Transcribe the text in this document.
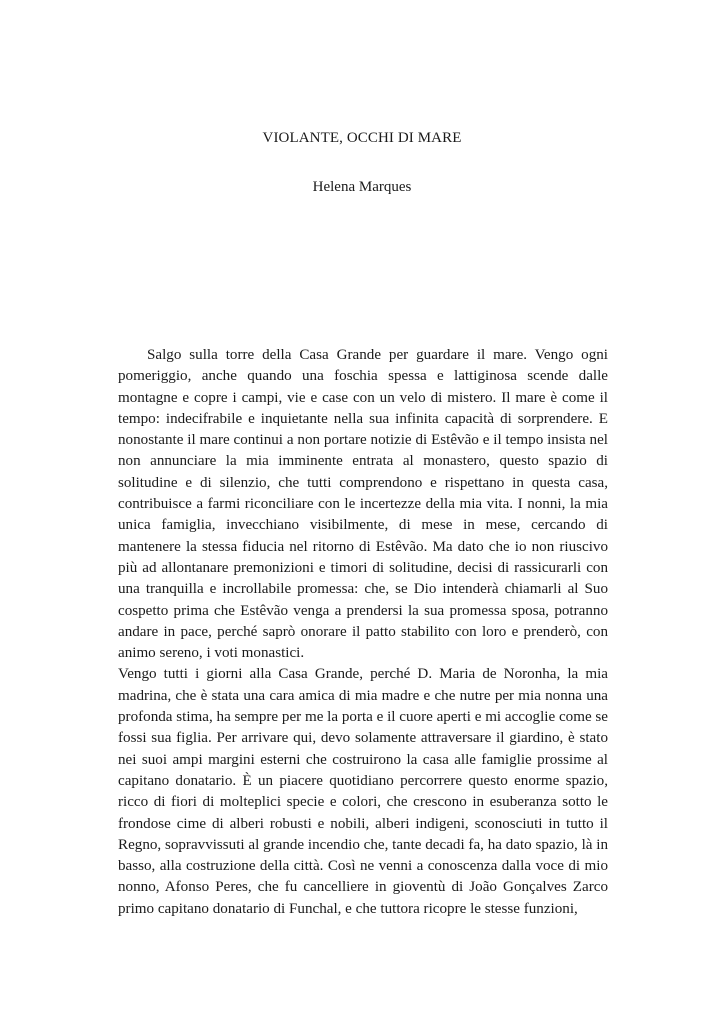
VIOLANTE, OCCHI DI MARE
Helena Marques

Salgo sulla torre della Casa Grande per guardare il mare. Vengo ogni pomeriggio, anche quando una foschia spessa e lattiginosa scende dalle montagne e copre i campi, vie e case con un velo di mistero. Il mare è come il tempo: indecifrabile e inquietante nella sua infinita capacità di sorprendere. E nonostante il mare continui a non portare notizie di Estêvão e il tempo insista nel non annunciare la mia imminente entrata al monastero, questo spazio di solitudine e di silenzio, che tutti comprendono e rispettano in questa casa, contribuisce a farmi riconciliare con le incertezze della mia vita. I nonni, la mia unica famiglia, invecchiano visibilmente, di mese in mese, cercando di mantenere la stessa fiducia nel ritorno di Estêvão. Ma dato che io non riuscivo più ad allontanare premonizioni e timori di solitudine, decisi di rassicurarli con una tranquilla e incrollabile promessa: che, se Dio intenderà chiamarli al Suo cospetto prima che Estêvão venga a prendersi la sua promessa sposa, potranno andare in pace, perché saprò onorare il patto stabilito con loro e prenderò, con animo sereno, i voti monastici.

Vengo tutti i giorni alla Casa Grande, perché D. Maria de Noronha, la mia madrina, che è stata una cara amica di mia madre e che nutre per mia nonna una profonda stima, ha sempre per me la porta e il cuore aperti e mi accoglie come se fossi sua figlia. Per arrivare qui, devo solamente attraversare il giardino, è stato nei suoi ampi margini esterni che costruirono la casa alle famiglie prossime al capitano donatario. È un piacere quotidiano percorrere questo enorme spazio, ricco di fiori di molteplici specie e colori, che crescono in esuberanza sotto le frondose cime di alberi robusti e nobili, alberi indigeni, sconosciuti in tutto il Regno, sopravvissuti al grande incendio che, tante decadi fa, ha dato spazio, là in basso, alla costruzione della città. Così ne venni a conoscenza dalla voce di mio nonno, Afonso Peres, che fu cancelliere in gioventù di João Gonçalves Zarco primo capitano donatario di Funchal, e che tuttora ricopre le stesse funzioni,
